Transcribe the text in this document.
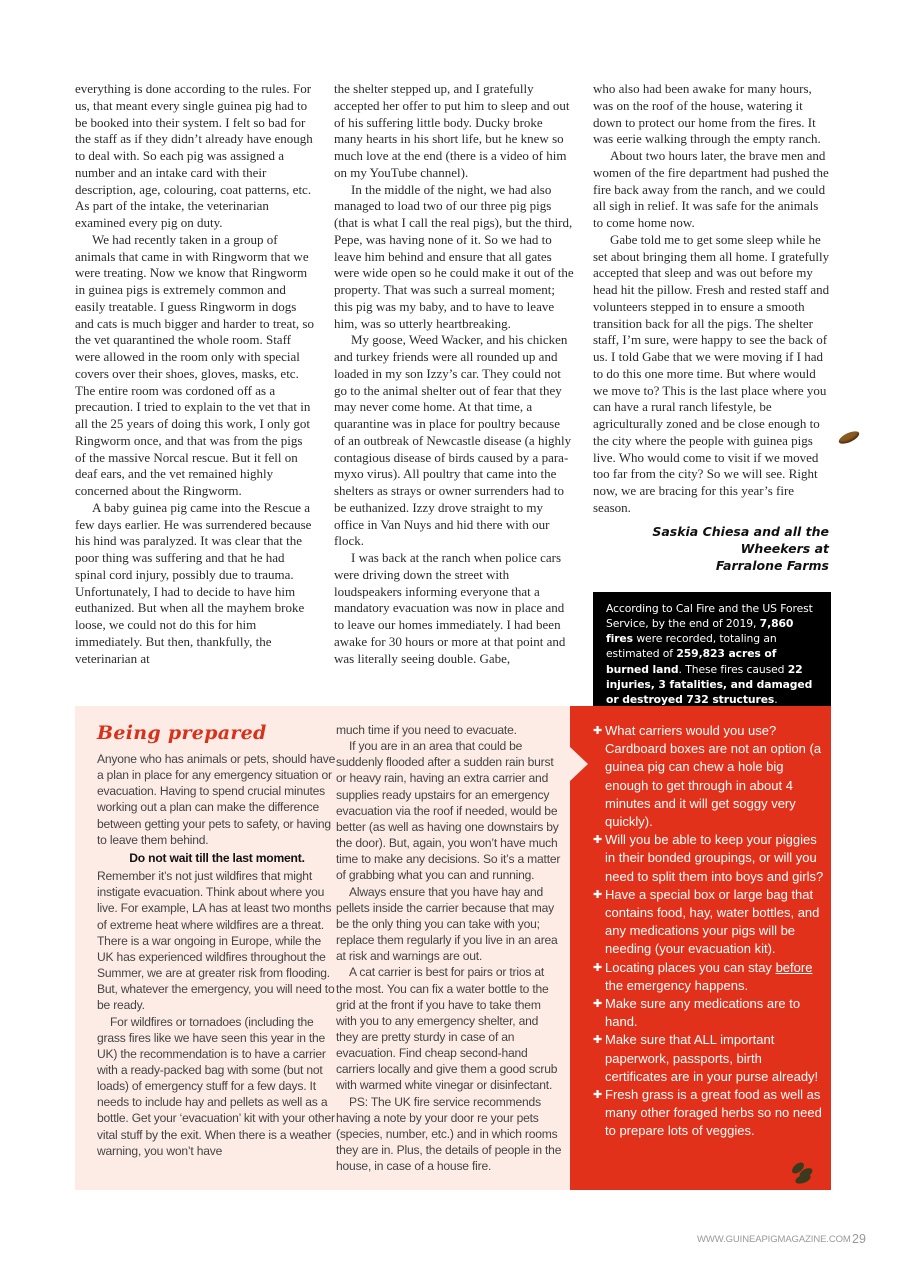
everything is done according to the rules. For us, that meant every single guinea pig had to be booked into their system. I felt so bad for the staff as if they didn’t already have enough to deal with. So each pig was assigned a number and an intake card with their description, age, colouring, coat patterns, etc. As part of the intake, the veterinarian examined every pig on duty.

We had recently taken in a group of animals that came in with Ringworm that we were treating. Now we know that Ringworm in guinea pigs is extremely common and easily treatable. I guess Ringworm in dogs and cats is much bigger and harder to treat, so the vet quarantined the whole room. Staff were allowed in the room only with special covers over their shoes, gloves, masks, etc. The entire room was cordoned off as a precaution. I tried to explain to the vet that in all the 25 years of doing this work, I only got Ringworm once, and that was from the pigs of the massive Norcal rescue. But it fell on deaf ears, and the vet remained highly concerned about the Ringworm.

A baby guinea pig came into the Rescue a few days earlier. He was surrendered because his hind was paralyzed. It was clear that the poor thing was suffering and that he had spinal cord injury, possibly due to trauma. Unfortunately, I had to decide to have him euthanized. But when all the mayhem broke loose, we could not do this for him immediately. But then, thankfully, the veterinarian at

the shelter stepped up, and I gratefully accepted her offer to put him to sleep and out of his suffering little body. Ducky broke many hearts in his short life, but he knew so much love at the end (there is a video of him on my YouTube channel).

In the middle of the night, we had also managed to load two of our three pig pigs (that is what I call the real pigs), but the third, Pepe, was having none of it. So we had to leave him behind and ensure that all gates were wide open so he could make it out of the property. That was such a surreal moment; this pig was my baby, and to have to leave him, was so utterly heartbreaking.

My goose, Weed Wacker, and his chicken and turkey friends were all rounded up and loaded in my son Izzy’s car. They could not go to the animal shelter out of fear that they may never come home. At that time, a quarantine was in place for poultry because of an outbreak of Newcastle disease (a highly contagious disease of birds caused by a para-myxo virus). All poultry that came into the shelters as strays or owner surrenders had to be euthanized. Izzy drove straight to my office in Van Nuys and hid there with our flock.

I was back at the ranch when police cars were driving down the street with loudspeakers informing everyone that a mandatory evacuation was now in place and to leave our homes immediately. I had been awake for 30 hours or more at that point and was literally seeing double. Gabe,

who also had been awake for many hours, was on the roof of the house, watering it down to protect our home from the fires. It was eerie walking through the empty ranch.

About two hours later, the brave men and women of the fire department had pushed the fire back away from the ranch, and we could all sigh in relief. It was safe for the animals to come home now.

Gabe told me to get some sleep while he set about bringing them all home. I gratefully accepted that sleep and was out before my head hit the pillow. Fresh and rested staff and volunteers stepped in to ensure a smooth transition back for all the pigs. The shelter staff, I’m sure, were happy to see the back of us. I told Gabe that we were moving if I had to do this one more time. But where would we move to? This is the last place where you can have a rural ranch lifestyle, be agriculturally zoned and be close enough to the city where the people with guinea pigs live. Who would come to visit if we moved too far from the city? So we will see. Right now, we are bracing for this year’s fire season.

Saskia Chiesa and all the Wheekers at
Farralone Farms
According to Cal Fire and the US Forest Service, by the end of 2019, 7,860 fires were recorded, totaling an estimated of 259,823 acres of burned land. These fires caused 22 injuries, 3 fatalities, and damaged or destroyed 732 structures.
Being prepared

Anyone who has animals or pets, should have a plan in place for any emergency situation or evacuation. Having to spend crucial minutes working out a plan can make the difference between getting your pets to safety, or having to leave them behind.

Do not wait till the last moment.

Remember it’s not just wildfires that might instigate evacuation. Think about where you live. For example, LA has at least two months of extreme heat where wildfires are a threat. There is a war ongoing in Europe, while the UK has experienced wildfires throughout the Summer, we are at greater risk from flooding. But, whatever the emergency, you will need to be ready.

For wildfires or tornadoes (including the grass fires like we have seen this year in the UK) the recommendation is to have a carrier with a ready-packed bag with some (but not loads) of emergency stuff for a few days. It needs to include hay and pellets as well as a bottle. Get your ‘evacuation’ kit with your other vital stuff by the exit. When there is a weather warning, you won’t have

much time if you need to evacuate.

If you are in an area that could be suddenly flooded after a sudden rain burst or heavy rain, having an extra carrier and supplies ready upstairs for an emergency evacuation via the roof if needed, would be better (as well as having one downstairs by the door). But, again, you won’t have much time to make any decisions. So it’s a matter of grabbing what you can and running.

Always ensure that you have hay and pellets inside the carrier because that may be the only thing you can take with you; replace them regularly if you live in an area at risk and warnings are out.

A cat carrier is best for pairs or trios at the most. You can fix a water bottle to the grid at the front if you have to take them with you to any emergency shelter, and they are pretty sturdy in case of an evacuation. Find cheap second-hand carriers locally and give them a good scrub with warmed white vinegar or disinfectant.

PS: The UK fire service recommends having a note by your door re your pets (species, number, etc.) and in which rooms they are in. Plus, the details of people in the house, in case of a house fire.

✚ What carriers would you use? Cardboard boxes are not an option (a guinea pig can chew a hole big enough to get through in about 4 minutes and it will get soggy very quickly).
✚ Will you be able to keep your piggies in their bonded groupings, or will you need to split them into boys and girls?
✚ Have a special box or large bag that contains food, hay, water bottles, and any medications your pigs will be needing (your evacuation kit).
✚ Locating places you can stay before the emergency happens.
✚ Make sure any medications are to hand.
✚ Make sure that ALL important paperwork, passports, birth certificates are in your purse already!
✚ Fresh grass is a great food as well as many other foraged herbs so no need to prepare lots of veggies.
WWW.GUINEAPIGMAGAZINE.COM 29
